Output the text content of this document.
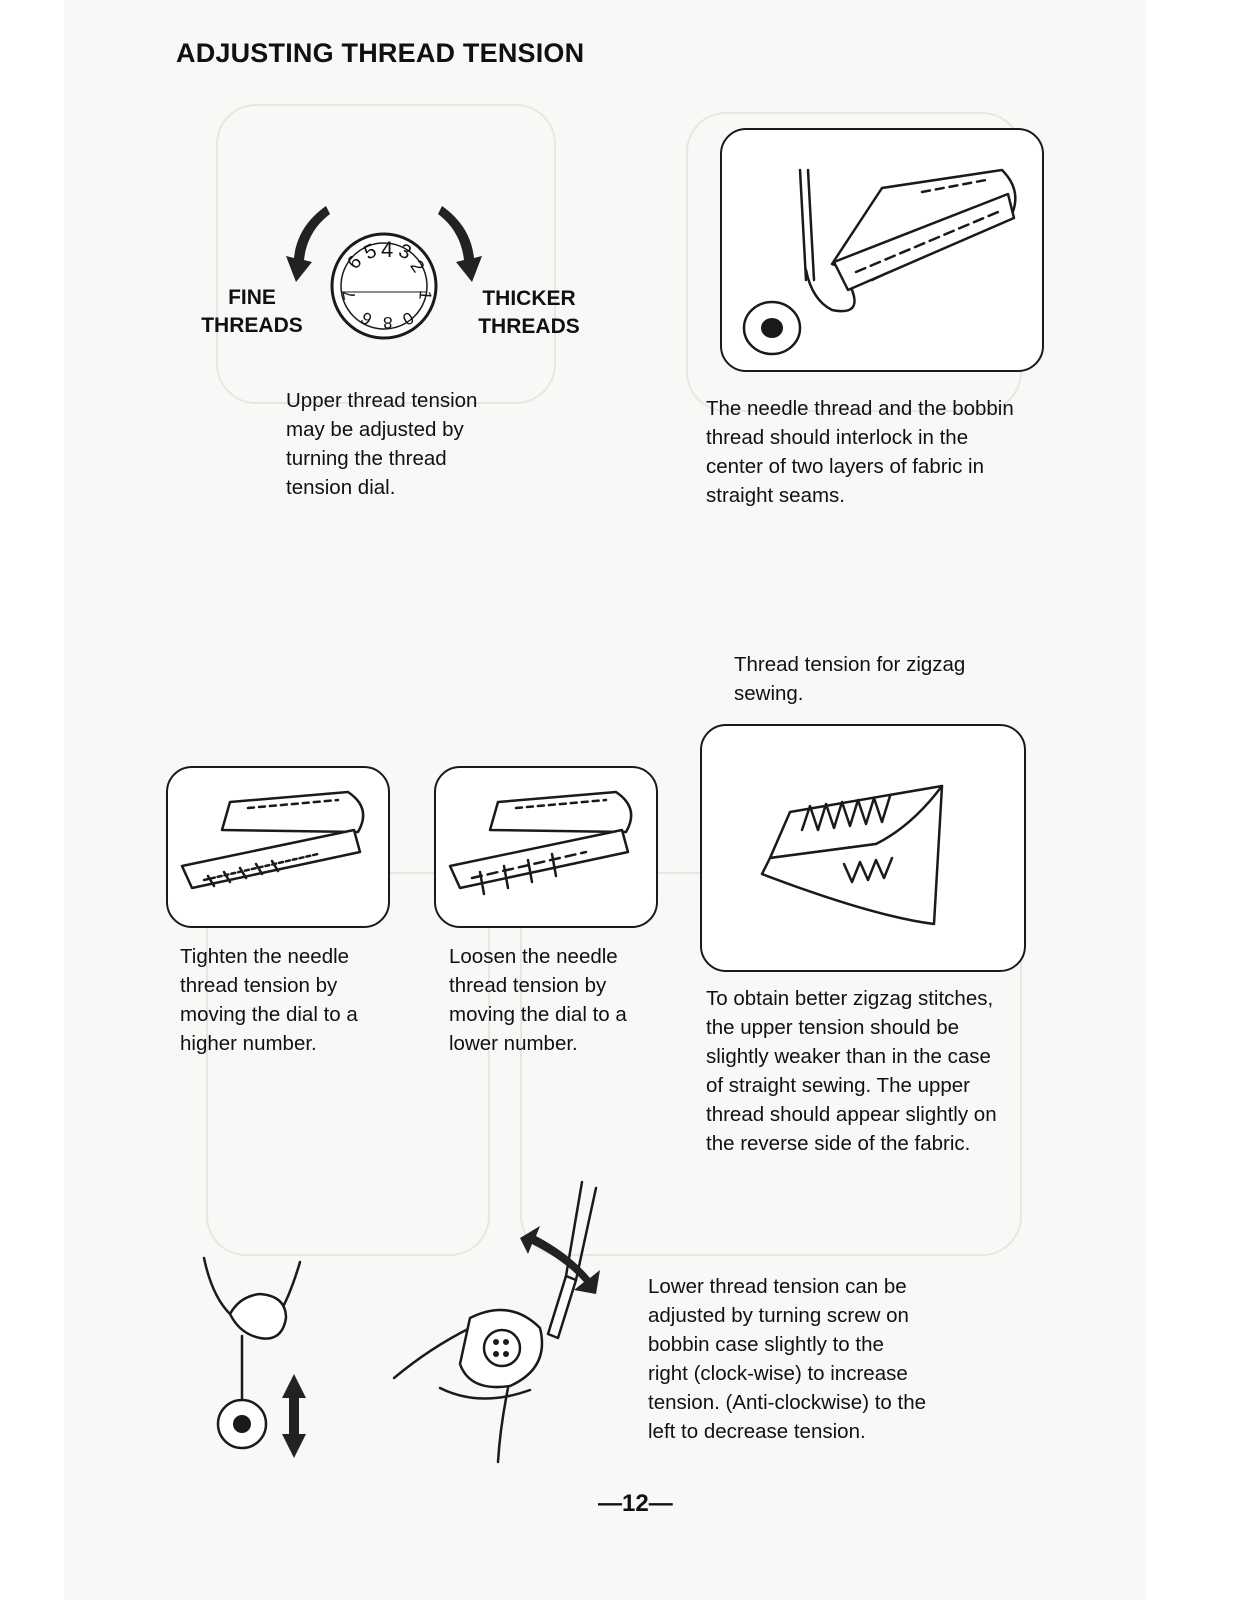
ADJUSTING THREAD TENSION
6
5 4 3
2
1
0
8
6
7
FINE
THREADS
THICKER
THREADS
Upper thread tension
may be adjusted by
turning the thread
tension dial.
The needle thread and the bobbin
thread should interlock in the
center of two layers of fabric in
straight seams.
Thread tension for zigzag
sewing.
Tighten the needle
thread tension by
moving the dial to a
higher number.
Loosen the needle
thread tension by
moving the dial to a
lower number.
To obtain better zigzag stitches,
the upper tension should be
slightly weaker than in the case
of straight sewing. The upper
thread should appear slightly on
the reverse side of the fabric.
Lower thread tension can be
adjusted by turning screw on
bobbin case slightly to the
right (clock-wise) to increase
tension. (Anti-clockwise) to the
left to decrease tension.
—12—
